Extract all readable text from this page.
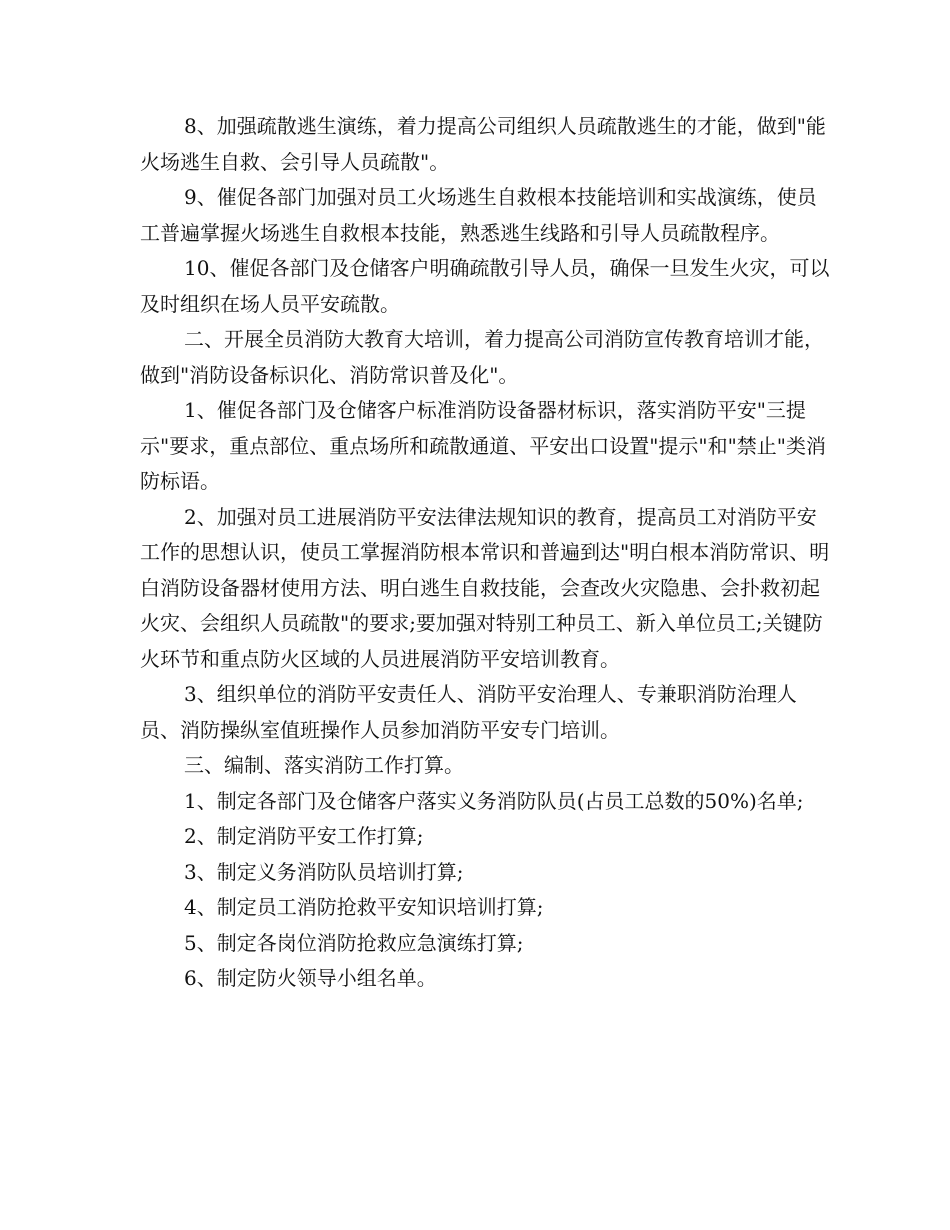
8、加强疏散逃生演练，着力提高公司组织人员疏散逃生的才能，做到"能火场逃生自救、会引导人员疏散"。

9、催促各部门加强对员工火场逃生自救根本技能培训和实战演练，使员工普遍掌握火场逃生自救根本技能，熟悉逃生线路和引导人员疏散程序。

10、催促各部门及仓储客户明确疏散引导人员，确保一旦发生火灾，可以及时组织在场人员平安疏散。

二、开展全员消防大教育大培训，着力提高公司消防宣传教育培训才能，做到"消防设备标识化、消防常识普及化"。

1、催促各部门及仓储客户标准消防设备器材标识，落实消防平安"三提示"要求，重点部位、重点场所和疏散通道、平安出口设置"提示"和"禁止"类消防标语。

2、加强对员工进展消防平安法律法规知识的教育，提高员工对消防平安工作的思想认识，使员工掌握消防根本常识和普遍到达"明白根本消防常识、明白消防设备器材使用方法、明白逃生自救技能，会查改火灾隐患、会扑救初起火灾、会组织人员疏散"的要求;要加强对特别工种员工、新入单位员工;关键防火环节和重点防火区域的人员进展消防平安培训教育。

3、组织单位的消防平安责任人、消防平安治理人、专兼职消防治理人员、消防操纵室值班操作人员参加消防平安专门培训。

三、编制、落实消防工作打算。

1、制定各部门及仓储客户落实义务消防队员(占员工总数的50%)名单;

2、制定消防平安工作打算;

3、制定义务消防队员培训打算;

4、制定员工消防抢救平安知识培训打算;

5、制定各岗位消防抢救应急演练打算;

6、制定防火领导小组名单。
